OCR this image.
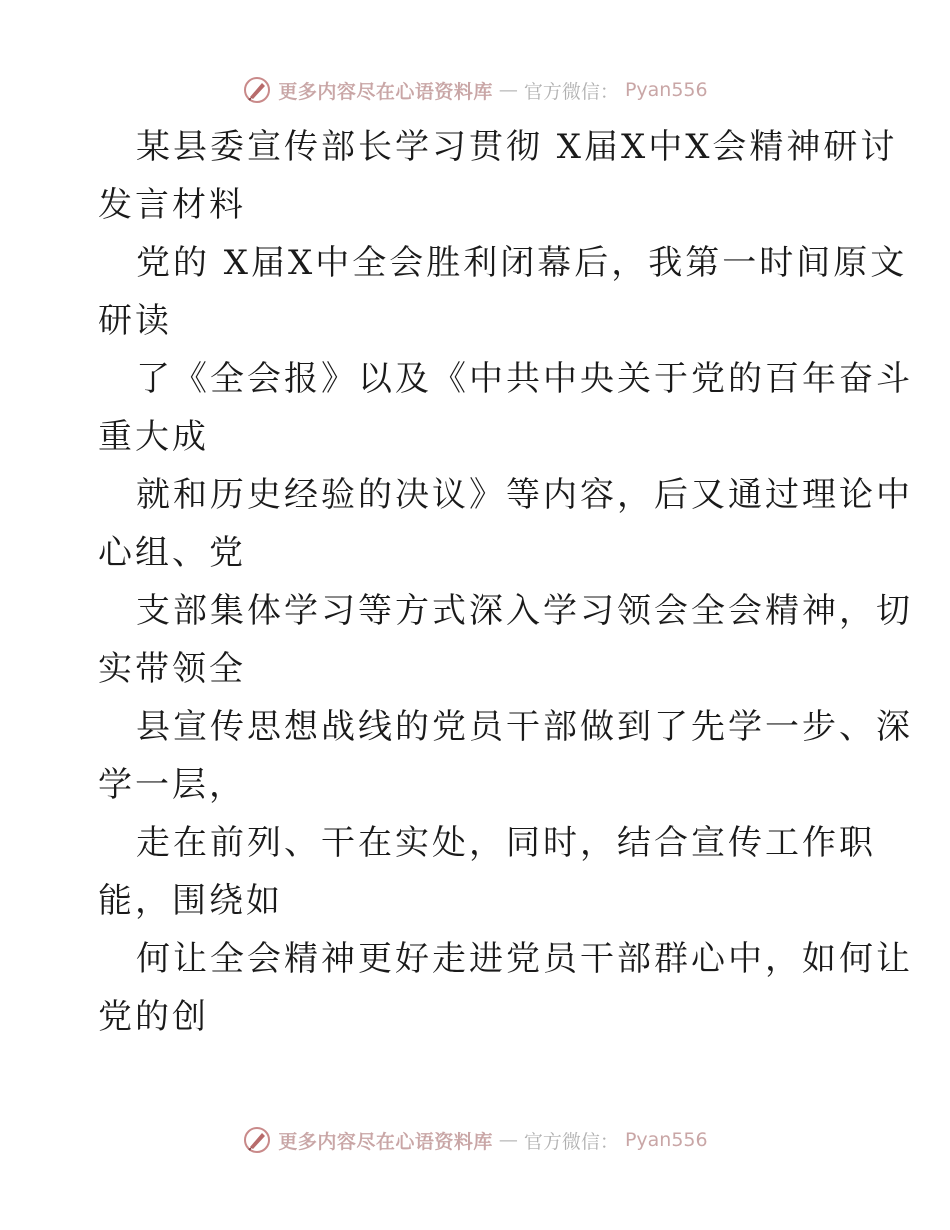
更多内容尽在心语资料库 — 官方微信： Pyan556
某县委宣传部长学习贯彻 X届X中X会精神研讨
发言材料
党的 X届X中全会胜利闭幕后，我第一时间原文
研读
了《全会报》以及《中共中央关于党的百年奋斗
重大成
就和历史经验的决议》等内容，后又通过理论中
心组、党
支部集体学习等方式深入学习领会全会精神，切
实带领全
县宣传思想战线的党员干部做到了先学一步、深
学一层，
走在前列、干在实处，同时，结合宣传工作职
能，围绕如
何让全会精神更好走进党员干部群心中，如何让
党的创
更多内容尽在心语资料库 — 官方微信： Pyan556
